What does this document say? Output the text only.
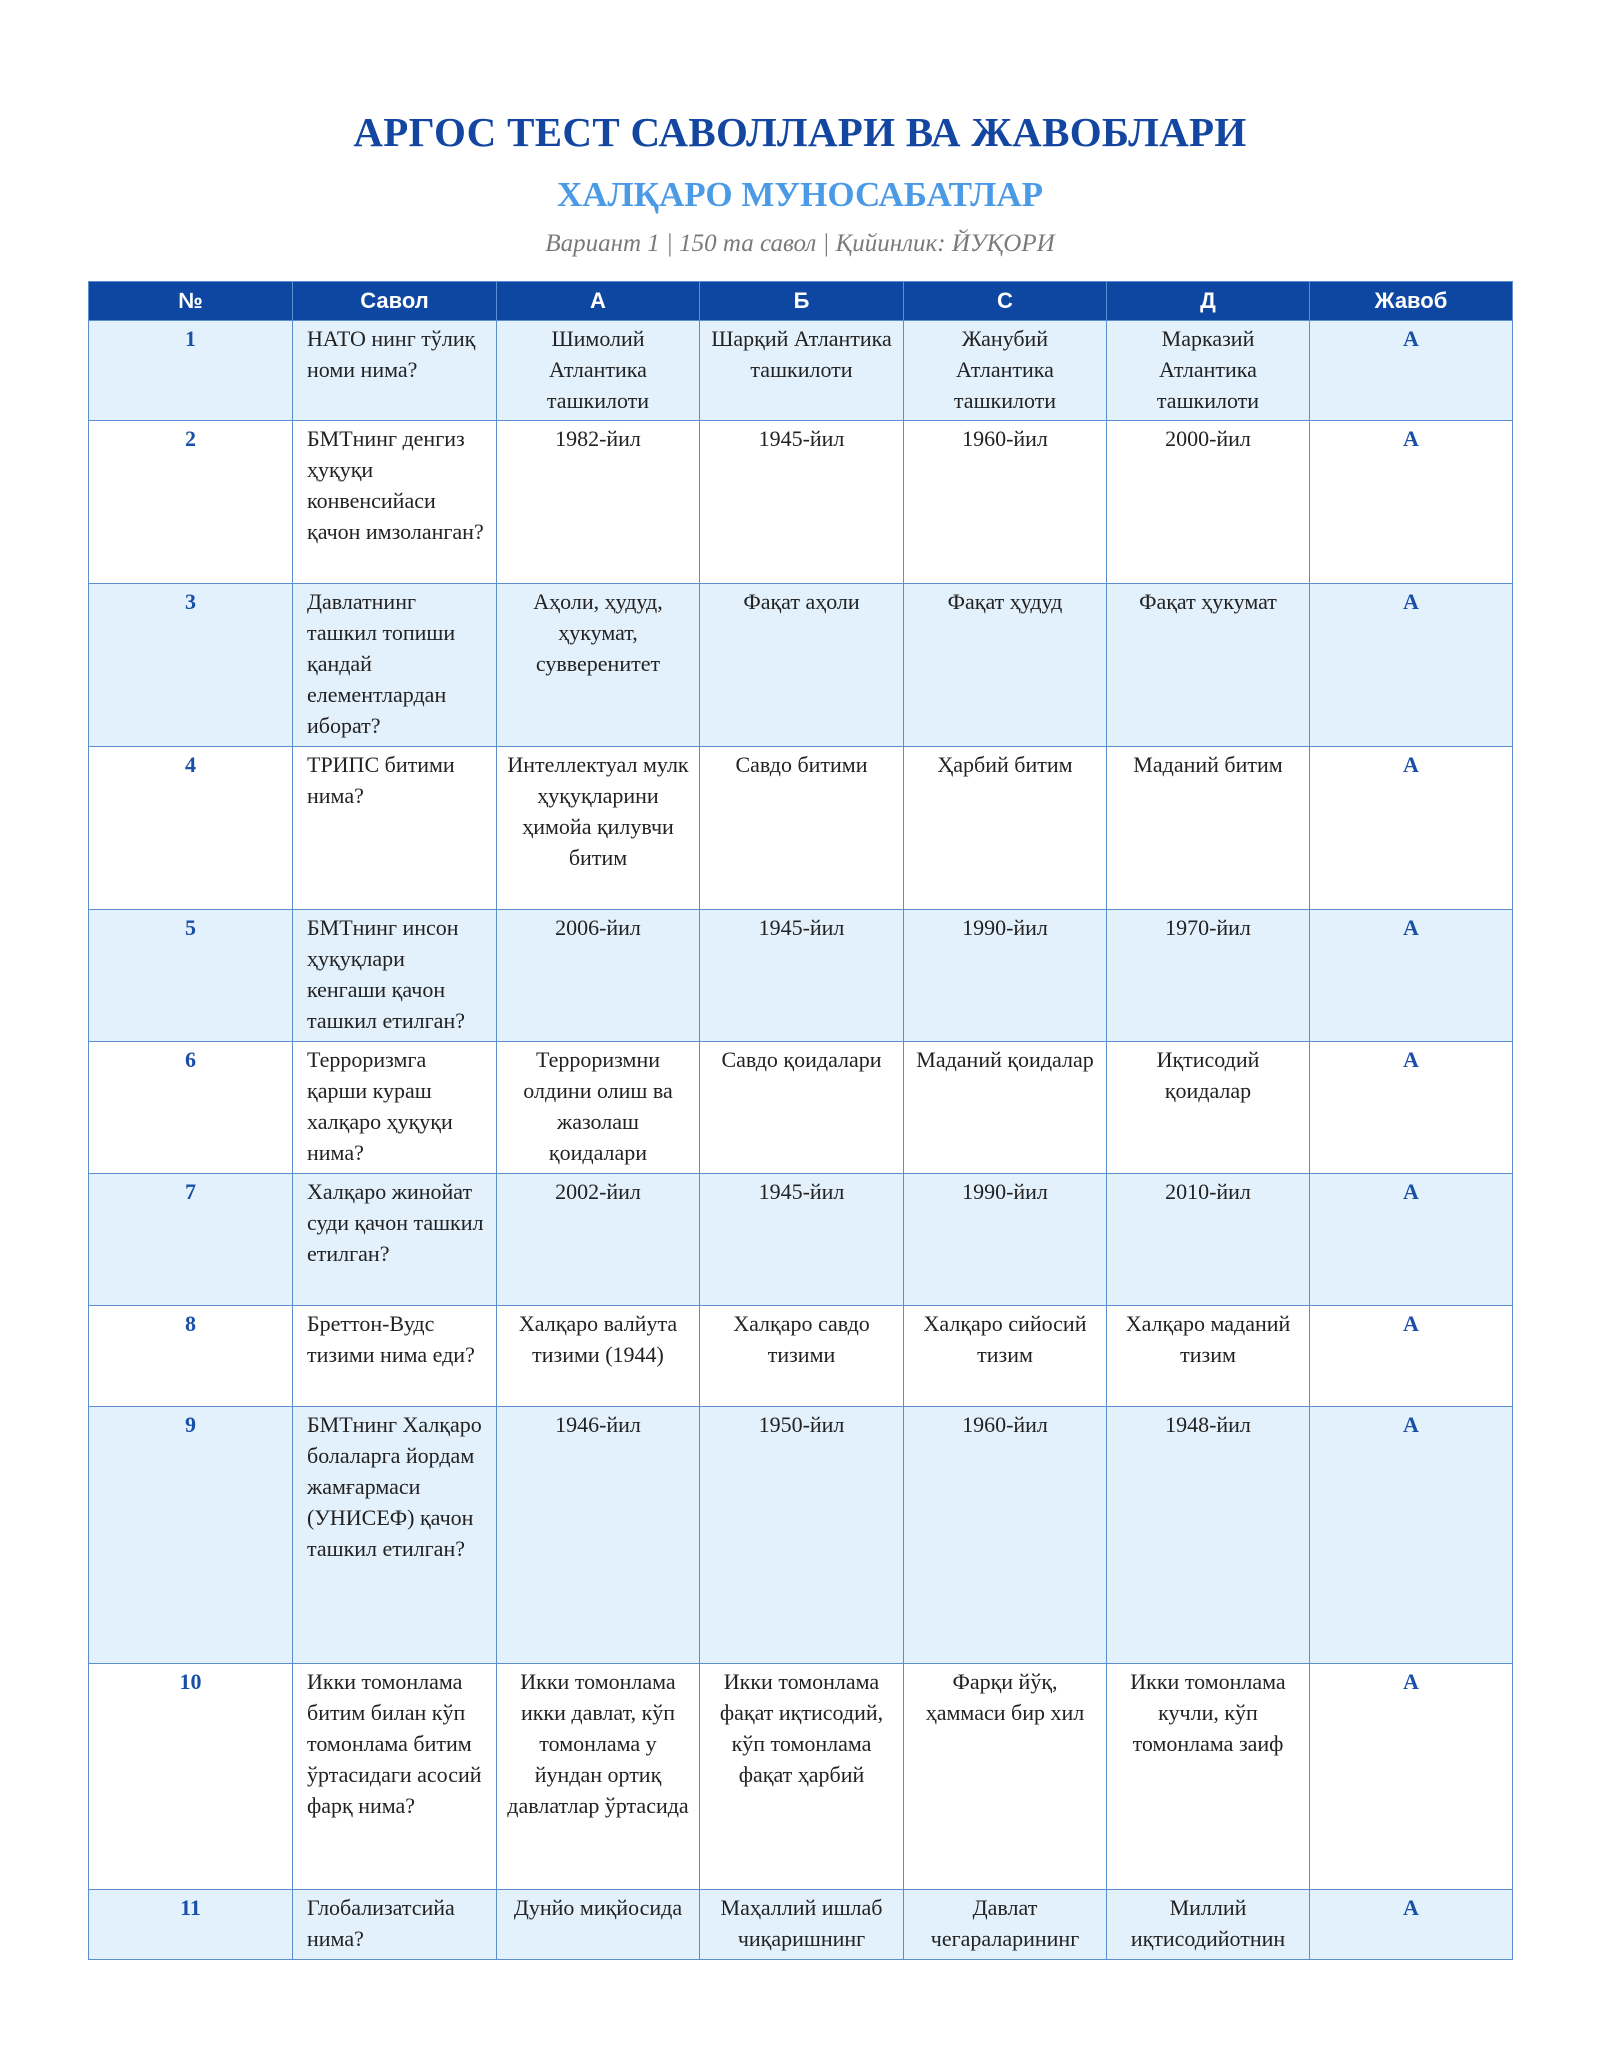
АРГОС ТЕСТ САВОЛЛАРИ ВА ЖАВОБЛАРИ
ХАЛҚАРО МУНОСАБАТЛАР
Вариант 1 | 150 та савол | Қийинлик: ЙУҚОРИ
№	Савол	А	Б	С	Д	Жавоб
1	НАТО нинг тўлиқ номи нима?	Шимолий Атлантика ташкилоти	Шарқий Атлантика ташкилоти	Жанубий Атлантика ташкилоти	Марказий Атлантика ташкилоти	А
2	БМТнинг денгиз ҳуқуқи конвенсийаси қачон имзоланган?	1982-йил	1945-йил	1960-йил	2000-йил	А
3	Давлатнинг ташкил топиши қандай елементлардан иборат?	Аҳоли, ҳудуд, ҳукумат, сувверенитет	Фақат аҳоли	Фақат ҳудуд	Фақат ҳукумат	А
4	ТРИПС битими нима?	Интеллектуал мулк ҳуқуқларини ҳимойа қилувчи битим	Савдо битими	Ҳарбий битим	Маданий битим	А
5	БМТнинг инсон ҳуқуқлари кенгаши қачон ташкил етилган?	2006-йил	1945-йил	1990-йил	1970-йил	А
6	Терроризмга қарши кураш халқаро ҳуқуқи нима?	Терроризмни олдини олиш ва жазолаш қоидалари	Савдо қоидалари	Маданий қоидалар	Иқтисодий қоидалар	А
7	Халқаро жинойат суди қачон ташкил етилган?	2002-йил	1945-йил	1990-йил	2010-йил	А
8	Бреттон-Вудс тизими нима еди?	Халқаро валйута тизими (1944)	Халқаро савдо тизими	Халқаро сийосий тизим	Халқаро маданий тизим	А
9	БМТнинг Халқаро болаларга йордам жамғармаси (УНИСЕФ) қачон ташкил етилган?	1946-йил	1950-йил	1960-йил	1948-йил	А
10	Икки томонлама битим билан кўп томонлама битим ўртасидаги асосий фарқ нима?	Икки томонлама икки давлат, кўп томонлама у йундан ортиқ давлатлар ўртасида	Икки томонлама фақат иқтисодий, кўп томонлама фақат ҳарбий	Фарқи йўқ, ҳаммаси бир хил	Икки томонлама кучли, кўп томонлама заиф	А
11	Глобализатсийа нима?	Дунйо миқйосида	Маҳаллий ишлаб чиқаришнинг	Давлат чегараларининг	Миллий иқтисодийотнин	А
